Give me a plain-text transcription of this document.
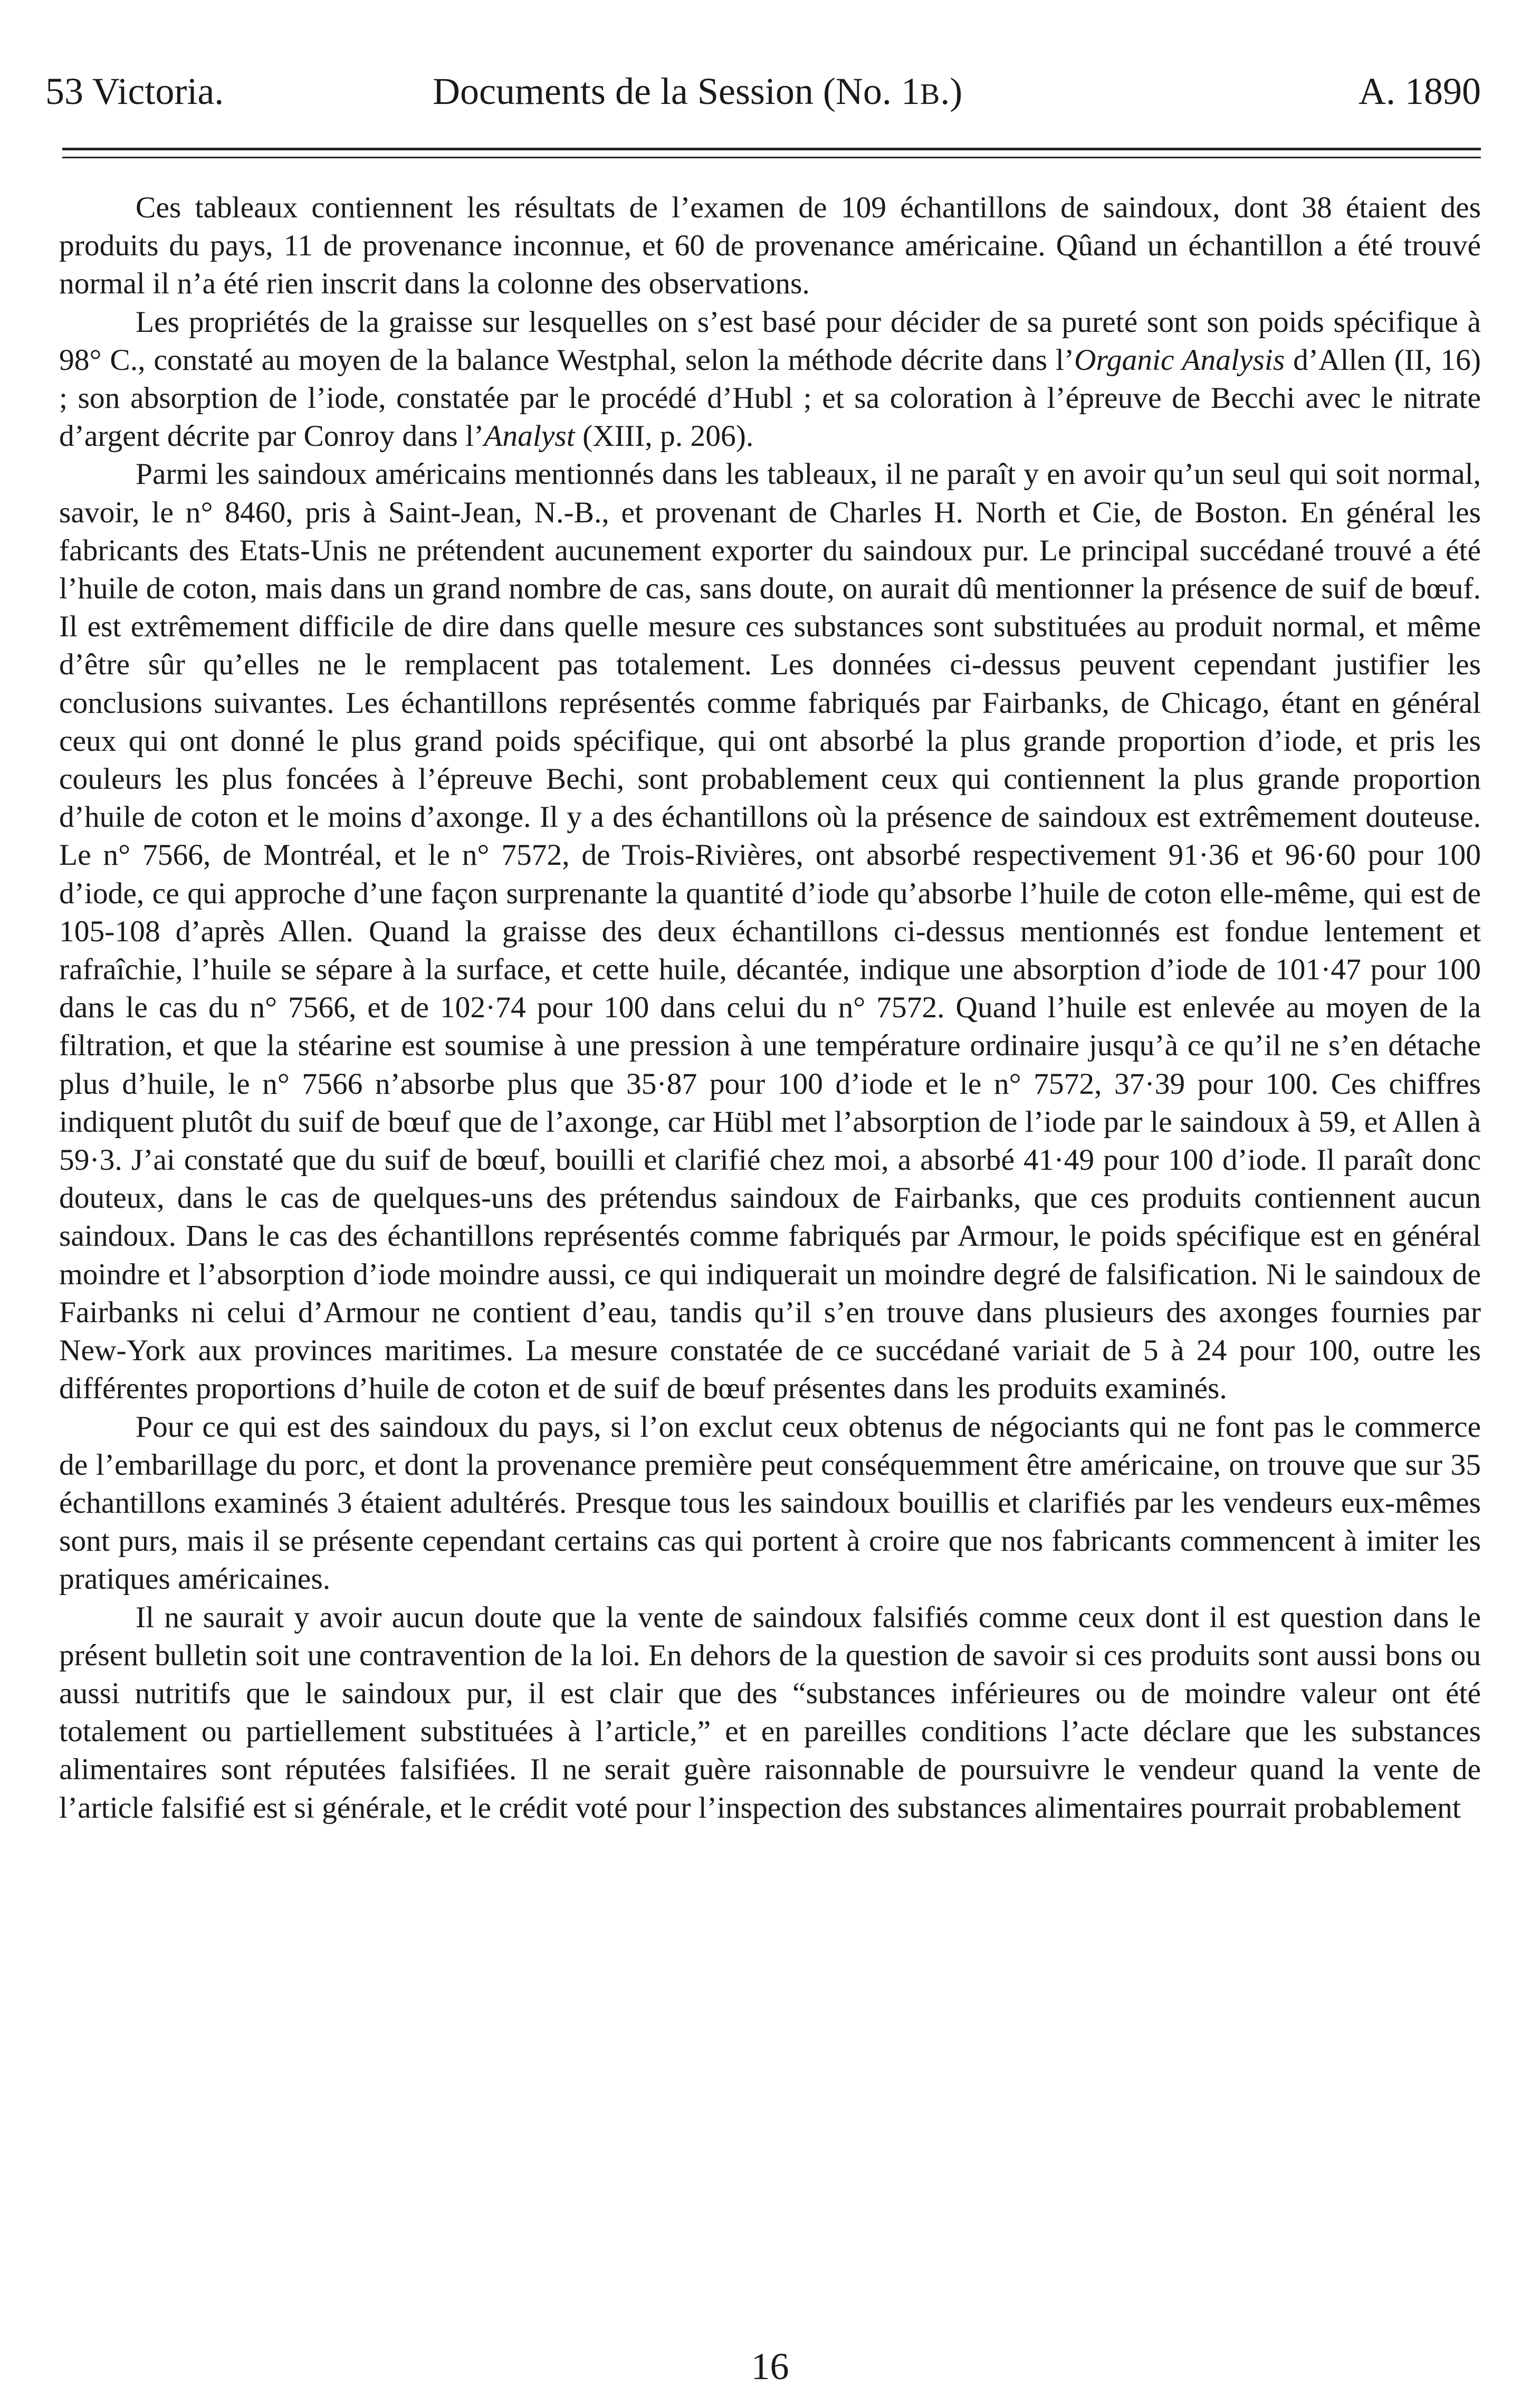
53 Victoria.	Documents de la Session (No. 1B.)	A. 1890

Ces tableaux contiennent les résultats de l’examen de 109 échantillons de saindoux, dont 38 étaient des produits du pays, 11 de provenance inconnue, et 60 de provenance américaine. Qûand un échantillon a été trouvé normal il n’a été rien inscrit dans la colonne des observations.

Les propriétés de la graisse sur lesquelles on s’est basé pour décider de sa pureté sont son poids spécifique à 98° C., constaté au moyen de la balance Westphal, selon la méthode décrite dans l’Organic Analysis d’Allen (II, 16) ; son absorption de l’iode, constatée par le procédé d’Hubl ; et sa coloration à l’épreuve de Becchi avec le nitrate d’argent décrite par Conroy dans l’Analyst (XIII, p. 206).

Parmi les saindoux américains mentionnés dans les tableaux, il ne paraît y en avoir qu’un seul qui soit normal, savoir, le n° 8460, pris à Saint-Jean, N.-B., et provenant de Charles H. North et Cie, de Boston. En général les fabricants des Etats-Unis ne prétendent aucunement exporter du saindoux pur. Le principal succédané trouvé a été l’huile de coton, mais dans un grand nombre de cas, sans doute, on aurait dû mentionner la présence de suif de bœuf. Il est extrêmement difficile de dire dans quelle mesure ces substances sont substituées au produit normal, et même d’être sûr qu’elles ne le remplacent pas totalement. Les données ci-dessus peuvent cependant justifier les conclusions suivantes. Les échantillons représentés comme fabriqués par Fairbanks, de Chicago, étant en général ceux qui ont donné le plus grand poids spécifique, qui ont absorbé la plus grande proportion d’iode, et pris les couleurs les plus foncées à l’épreuve Bechi, sont probablement ceux qui contiennent la plus grande proportion d’huile de coton et le moins d’axonge. Il y a des échantillons où la présence de saindoux est extrêmement douteuse. Le n° 7566, de Montréal, et le n° 7572, de Trois-Rivières, ont absorbé respectivement 91·36 et 96·60 pour 100 d’iode, ce qui approche d’une façon surprenante la quantité d’iode qu’absorbe l’huile de coton elle-même, qui est de 105-108 d’après Allen. Quand la graisse des deux échantillons ci-dessus mentionnés est fondue lentement et rafraîchie, l’huile se sépare à la surface, et cette huile, décantée, indique une absorption d’iode de 101·47 pour 100 dans le cas du n° 7566, et de 102·74 pour 100 dans celui du n° 7572. Quand l’huile est enlevée au moyen de la filtration, et que la stéarine est soumise à une pression à une température ordinaire jusqu’à ce qu’il ne s’en détache plus d’huile, le n° 7566 n’absorbe plus que 35·87 pour 100 d’iode et le n° 7572, 37·39 pour 100. Ces chiffres indiquent plutôt du suif de bœuf que de l’axonge, car Hübl met l’absorption de l’iode par le saindoux à 59, et Allen à 59·3. J’ai constaté que du suif de bœuf, bouilli et clarifié chez moi, a absorbé 41·49 pour 100 d’iode. Il paraît donc douteux, dans le cas de quelques-uns des prétendus saindoux de Fairbanks, que ces produits contiennent aucun saindoux. Dans le cas des échantillons représentés comme fabriqués par Armour, le poids spécifique est en général moindre et l’absorption d’iode moindre aussi, ce qui indiquerait un moindre degré de falsification. Ni le saindoux de Fairbanks ni celui d’Armour ne contient d’eau, tandis qu’il s’en trouve dans plusieurs des axonges fournies par New-York aux provinces maritimes. La mesure constatée de ce succédané variait de 5 à 24 pour 100, outre les différentes proportions d’huile de coton et de suif de bœuf présentes dans les produits examinés.

Pour ce qui est des saindoux du pays, si l’on exclut ceux obtenus de négociants qui ne font pas le commerce de l’embarillage du porc, et dont la provenance première peut conséquemment être américaine, on trouve que sur 35 échantillons examinés 3 étaient adultérés. Presque tous les saindoux bouillis et clarifiés par les vendeurs eux-mêmes sont purs, mais il se présente cependant certains cas qui portent à croire que nos fabricants commencent à imiter les pratiques américaines.

Il ne saurait y avoir aucun doute que la vente de saindoux falsifiés comme ceux dont il est question dans le présent bulletin soit une contravention de la loi. En dehors de la question de savoir si ces produits sont aussi bons ou aussi nutritifs que le saindoux pur, il est clair que des “substances inférieures ou de moindre valeur ont été totalement ou partiellement substituées à l’article,” et en pareilles conditions l’acte déclare que les substances alimentaires sont réputées falsifiées. Il ne serait guère raisonnable de poursuivre le vendeur quand la vente de l’article falsifié est si générale, et le crédit voté pour l’inspection des substances alimentaires pourrait probablement

16
